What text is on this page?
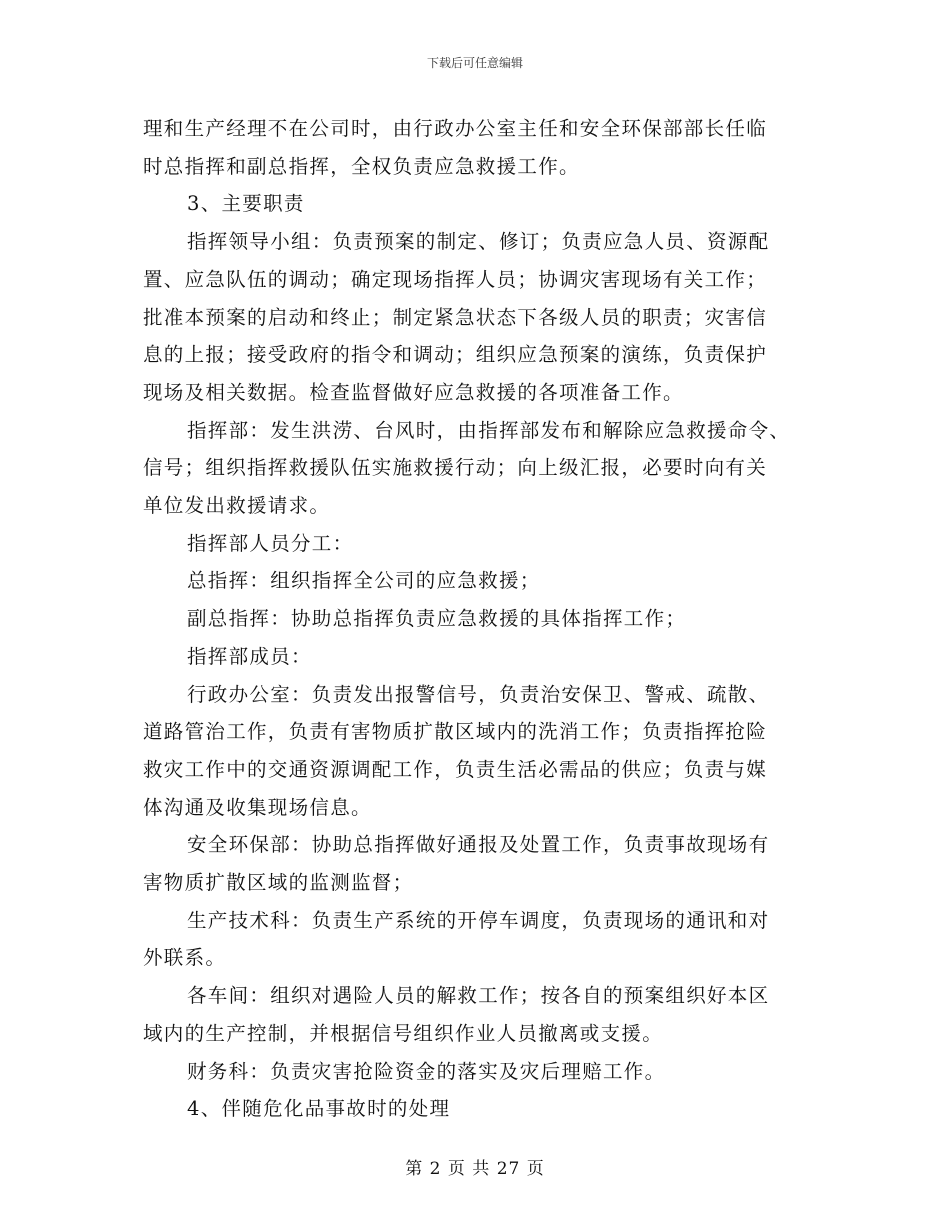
下载后可任意编辑

理和生产经理不在公司时，由行政办公室主任和安全环保部部长任临

时总指挥和副总指挥，全权负责应急救援工作。

3、主要职责

指挥领导小组：负责预案的制定、修订；负责应急人员、资源配

置、应急队伍的调动；确定现场指挥人员；协调灾害现场有关工作；

批准本预案的启动和终止；制定紧急状态下各级人员的职责；灾害信

息的上报；接受政府的指令和调动；组织应急预案的演练，负责保护

现场及相关数据。检查监督做好应急救援的各项准备工作。

指挥部：发生洪涝、台风时，由指挥部发布和解除应急救援命令、

信号；组织指挥救援队伍实施救援行动；向上级汇报，必要时向有关

单位发出救援请求。

指挥部人员分工：

总指挥：组织指挥全公司的应急救援；

副总指挥：协助总指挥负责应急救援的具体指挥工作；

指挥部成员：

行政办公室：负责发出报警信号，负责治安保卫、警戒、疏散、

道路管治工作，负责有害物质扩散区域内的洗消工作；负责指挥抢险

救灾工作中的交通资源调配工作，负责生活必需品的供应；负责与媒

体沟通及收集现场信息。

安全环保部：协助总指挥做好通报及处置工作，负责事故现场有

害物质扩散区域的监测监督；

生产技术科：负责生产系统的开停车调度，负责现场的通讯和对

外联系。

各车间：组织对遇险人员的解救工作；按各自的预案组织好本区

域内的生产控制，并根据信号组织作业人员撤离或支援。

财务科：负责灾害抢险资金的落实及灾后理赔工作。

4、伴随危化品事故时的处理

第 2 页 共 27 页
